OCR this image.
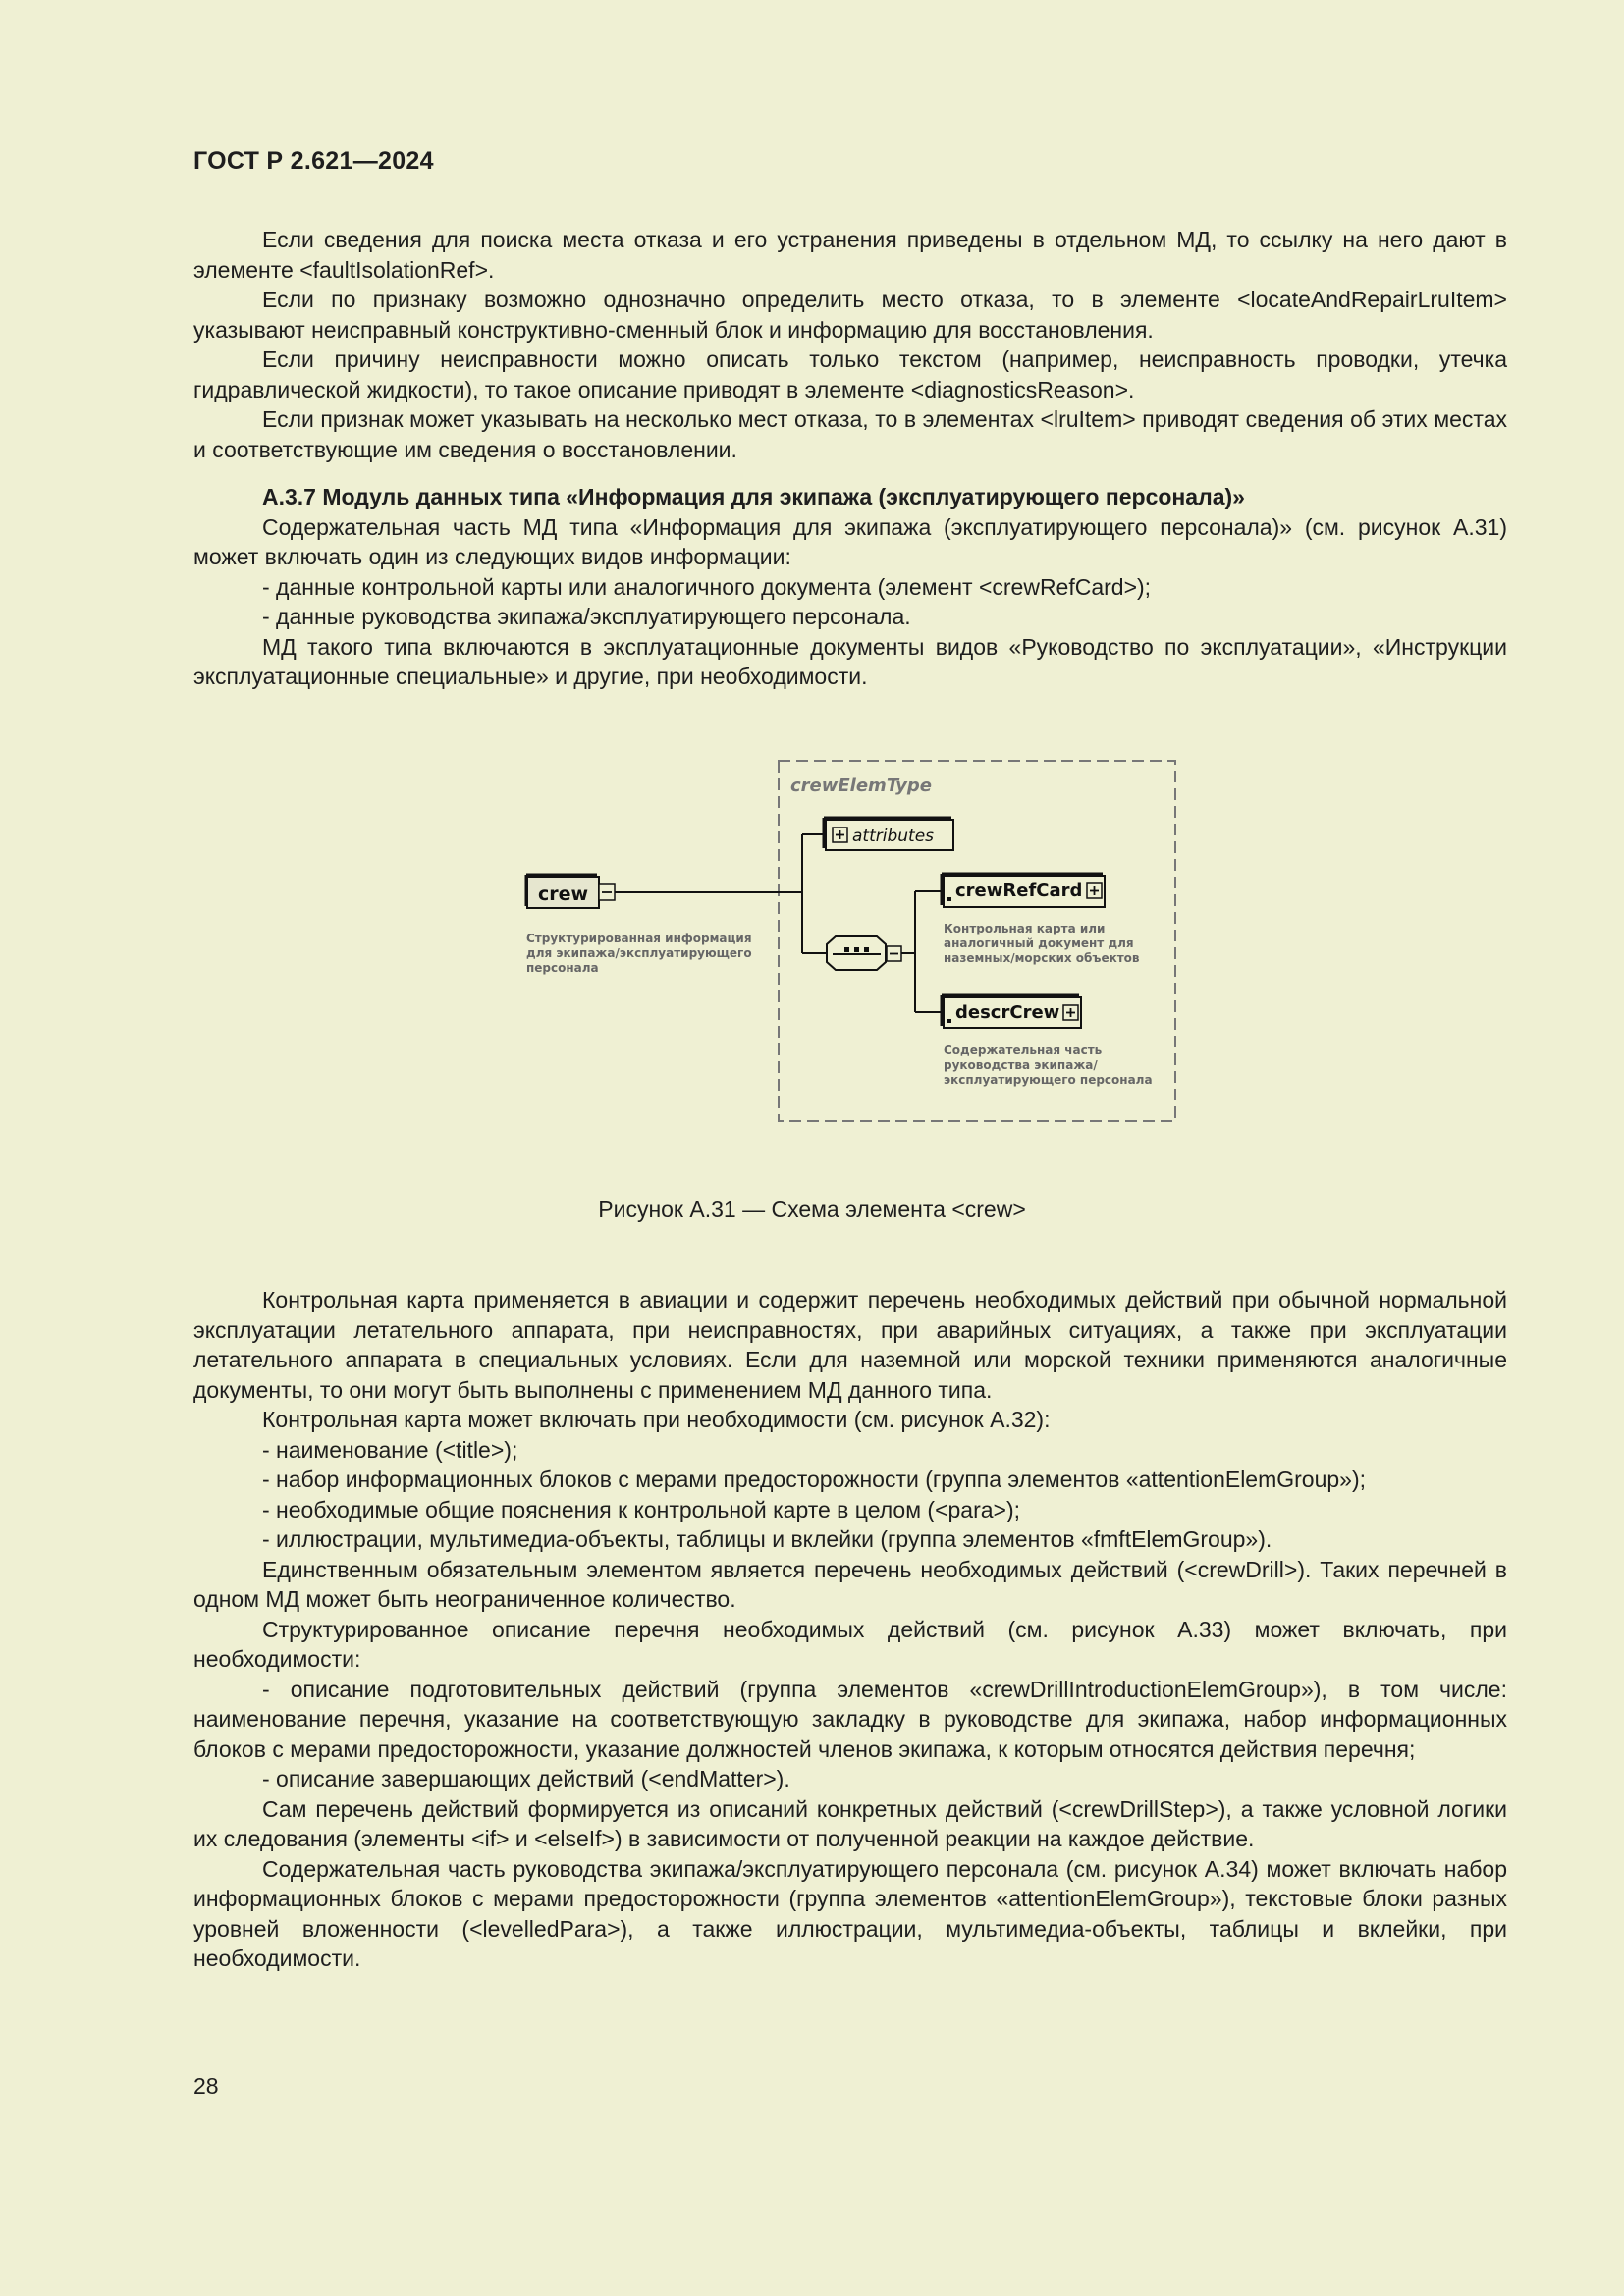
ГОСТ Р 2.621—2024

Если сведения для поиска места отказа и его устранения приведены в отдельном МД, то ссылку на него дают в элементе <faultIsolationRef>.

Если по признаку возможно однозначно определить место отказа, то в элементе <locateAndRepairLruItem> указывают неисправный конструктивно-сменный блок и информацию для восстановления.

Если причину неисправности можно описать только текстом (например, неисправность проводки, утечка гидравлической жидкости), то такое описание приводят в элементе <diagnosticsReason>.

Если признак может указывать на несколько мест отказа, то в элементах <lruItem> приводят сведения об этих местах и соответствующие им сведения о восстановлении.

А.3.7 Модуль данных типа «Информация для экипажа (эксплуатирующего персонала)»

Содержательная часть МД типа «Информация для экипажа (эксплуатирующего персонала)» (см. рисунок А.31) может включать один из следующих видов информации:

- данные контрольной карты или аналогичного документа (элемент <crewRefCard>);

- данные руководства экипажа/эксплуатирующего персонала.

МД такого типа включаются в эксплуатационные документы видов «Руководство по эксплуатации», «Инструкции эксплуатационные специальные» и другие, при необходимости.

crewElemType
crew
Структурированная информация для экипажа/эксплуатирующего персонала
attributes
crewRefCard
Контрольная карта или аналогичный документ для наземных/морских объектов
descrCrew
Содержательная часть руководства экипажа/ эксплуатирующего персонала
Рисунок А.31 — Схема элемента <crew>

Контрольная карта применяется в авиации и содержит перечень необходимых действий при обычной нормальной эксплуатации летательного аппарата, при неисправностях, при аварийных ситуациях, а также при эксплуатации летательного аппарата в специальных условиях. Если для наземной или морской техники применяются аналогичные документы, то они могут быть выполнены с применением МД данного типа.

Контрольная карта может включать при необходимости (см. рисунок А.32):

- наименование (<title>);

- набор информационных блоков с мерами предосторожности (группа элементов «attentionElemGroup»);

- необходимые общие пояснения к контрольной карте в целом (<para>);

- иллюстрации, мультимедиа-объекты, таблицы и вклейки (группа элементов «fmftElemGroup»).

Единственным обязательным элементом является перечень необходимых действий (<crewDrill>). Таких перечней в одном МД может быть неограниченное количество.

Структурированное описание перечня необходимых действий (см. рисунок А.33) может включать, при необходимости:

- описание подготовительных действий (группа элементов «crewDrillIntroductionElemGroup»), в том числе: наименование перечня, указание на соответствующую закладку в руководстве для экипажа, набор информационных блоков с мерами предосторожности, указание должностей членов экипажа, к которым относятся действия перечня;

- описание завершающих действий (<endMatter>).

Сам перечень действий формируется из описаний конкретных действий (<crewDrillStep>), а также условной логики их следования (элементы <if> и <elseIf>) в зависимости от полученной реакции на каждое действие.

Содержательная часть руководства экипажа/эксплуатирующего персонала (см. рисунок А.34) может включать набор информационных блоков с мерами предосторожности (группа элементов «attentionElemGroup»), текстовые блоки разных уровней вложенности (<levelledPara>), а также иллюстрации, мультимедиа-объекты, таблицы и вклейки, при необходимости.

28
